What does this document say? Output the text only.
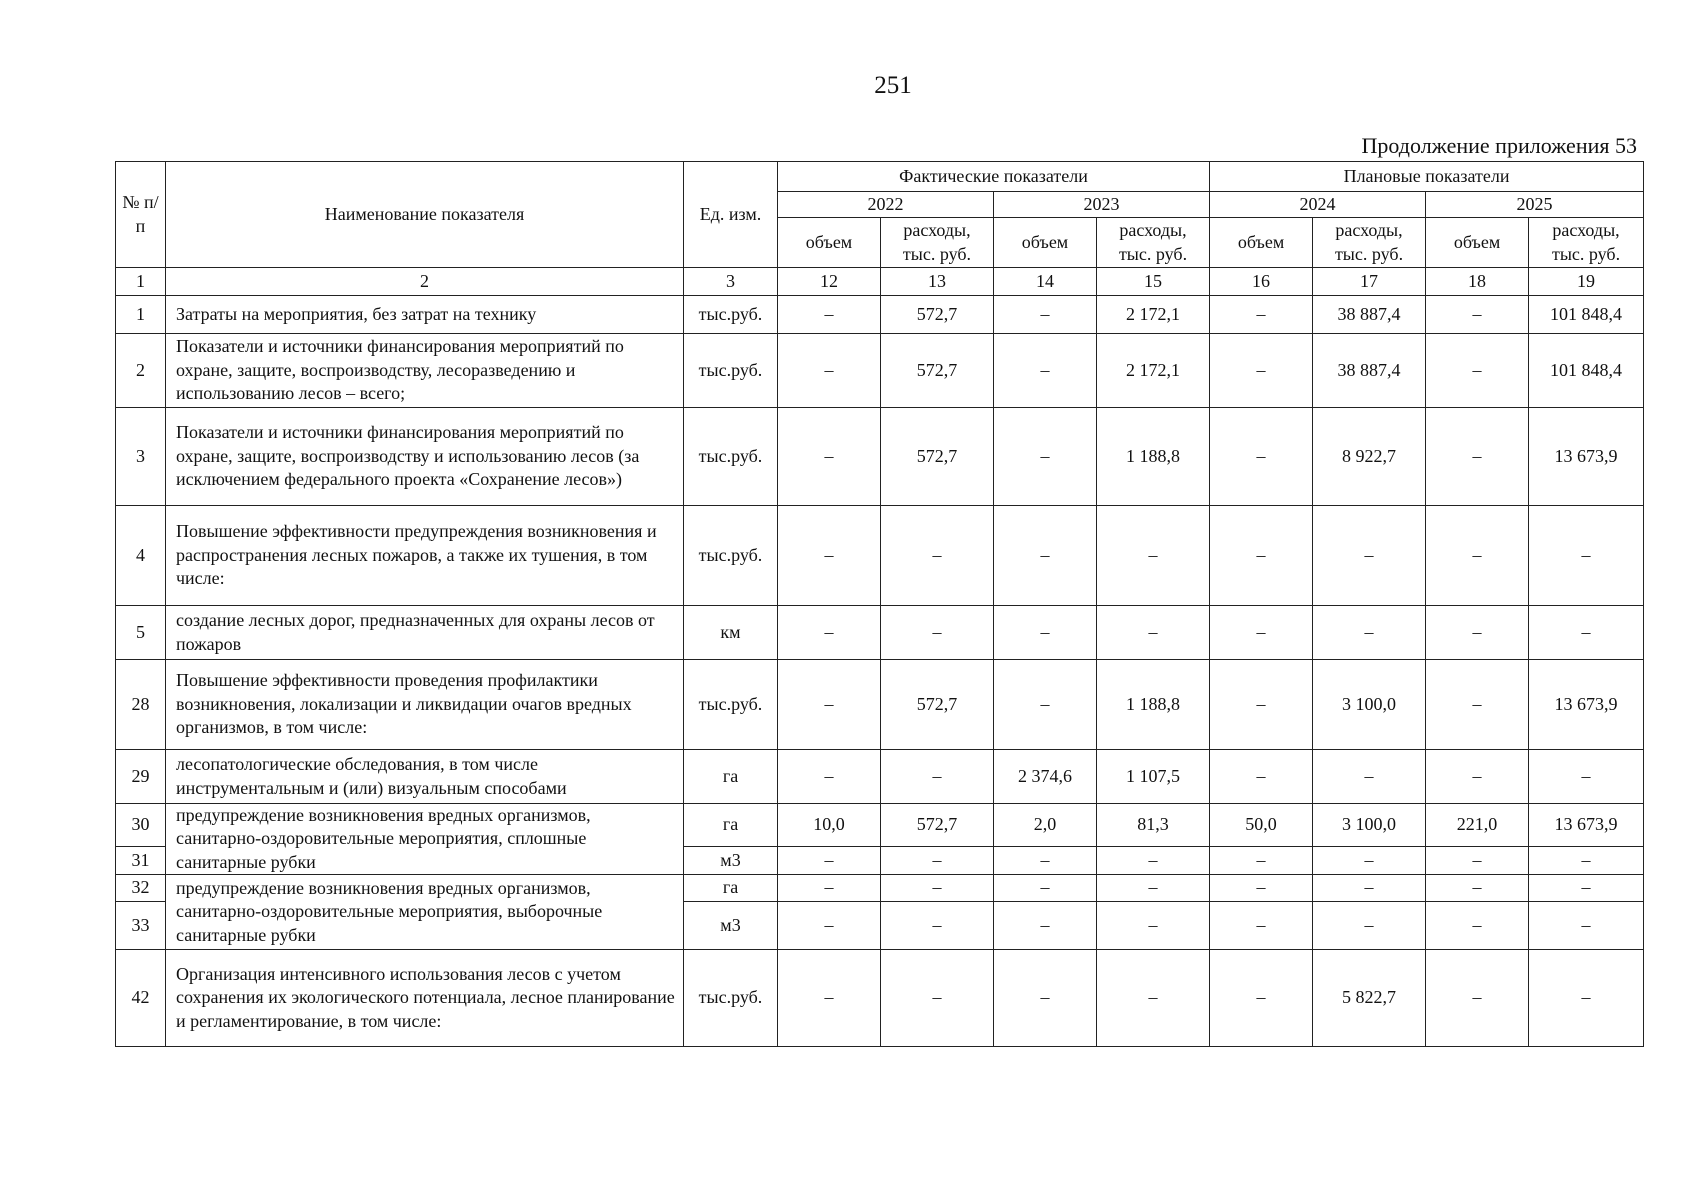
251
Продолжение приложения 53
№ п/п	Наименование показателя	Ед. изм.	Фактические показатели				Плановые показатели			
			2022		2023		2024		2025	
			объем	расходы, тыс. руб.	объем	расходы, тыс. руб.	объем	расходы, тыс. руб.	объем	расходы, тыс. руб.
1	2	3	12	13	14	15	16	17	18	19
1	Затраты на мероприятия, без затрат на технику	тыс.руб.	–	572,7	–	2 172,1	–	38 887,4	–	101 848,4
2	Показатели и источники финансирования мероприятий по охране, защите, воспроизводству, лесоразведению и использованию лесов – всего;	тыс.руб.	–	572,7	–	2 172,1	–	38 887,4	–	101 848,4
3	Показатели и источники финансирования мероприятий по охране, защите, воспроизводству и использованию лесов (за исключением федерального проекта «Сохранение лесов»)	тыс.руб.	–	572,7	–	1 188,8	–	8 922,7	–	13 673,9
4	Повышение эффективности предупреждения возникновения и распространения лесных пожаров, а также их тушения, в том числе:	тыс.руб.	–	–	–	–	–	–	–	–
5	создание лесных дорог, предназначенных для охраны лесов от пожаров	км	–	–	–	–	–	–	–	–
28	Повышение эффективности проведения профилактики возникновения, локализации и ликвидации очагов вредных организмов, в том числе:	тыс.руб.	–	572,7	–	1 188,8	–	3 100,0	–	13 673,9
29	лесопатологические обследования, в том числе инструментальным и (или) визуальным способами	га	–	–	2 374,6	1 107,5	–	–	–	–
30	предупреждение возникновения вредных организмов, санитарно-оздоровительные мероприятия, сплошные санитарные рубки	га	10,0	572,7	2,0	81,3	50,0	3 100,0	221,0	13 673,9
31		м3	–	–	–	–	–	–	–	–
32	предупреждение возникновения вредных организмов, санитарно-оздоровительные мероприятия, выборочные санитарные рубки	га	–	–	–	–	–	–	–	–
33		м3	–	–	–	–	–	–	–	–
42	Организация интенсивного использования лесов с учетом сохранения их экологического потенциала, лесное планирование и регламентирование, в том числе:	тыс.руб.	–	–	–	–	–	5 822,7	–	–
